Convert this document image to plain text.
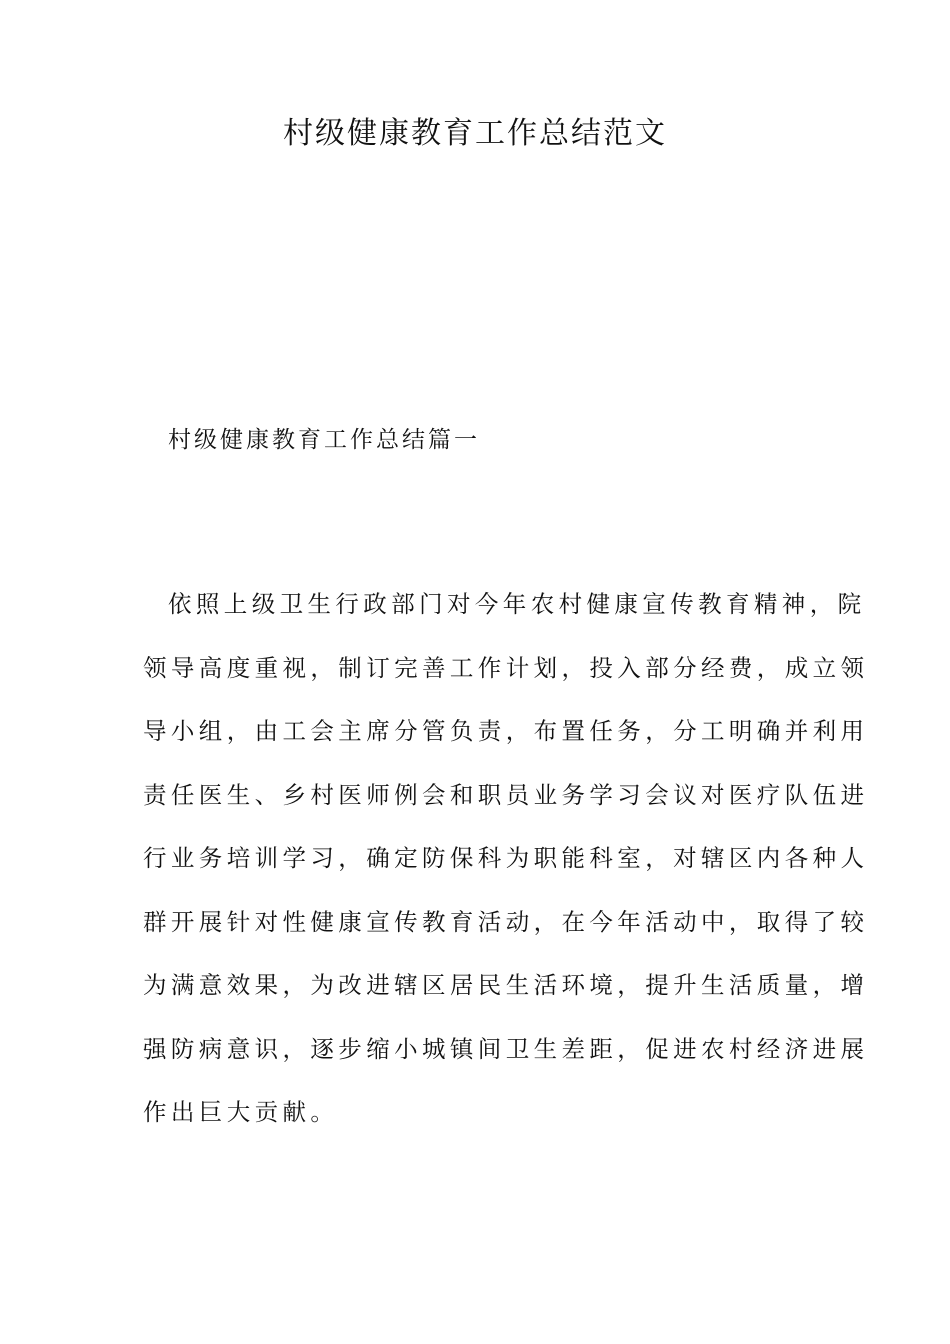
村级健康教育工作总结范文
村级健康教育工作总结篇一
依照上级卫生行政部门对今年农村健康宣传教育精神，院
领导高度重视，制订完善工作计划，投入部分经费，成立领
导小组，由工会主席分管负责，布置任务，分工明确并利用
责任医生、乡村医师例会和职员业务学习会议对医疗队伍进
行业务培训学习，确定防保科为职能科室，对辖区内各种人
群开展针对性健康宣传教育活动，在今年活动中，取得了较
为满意效果，为改进辖区居民生活环境，提升生活质量，增
强防病意识，逐步缩小城镇间卫生差距，促进农村经济进展
作出巨大贡献。
